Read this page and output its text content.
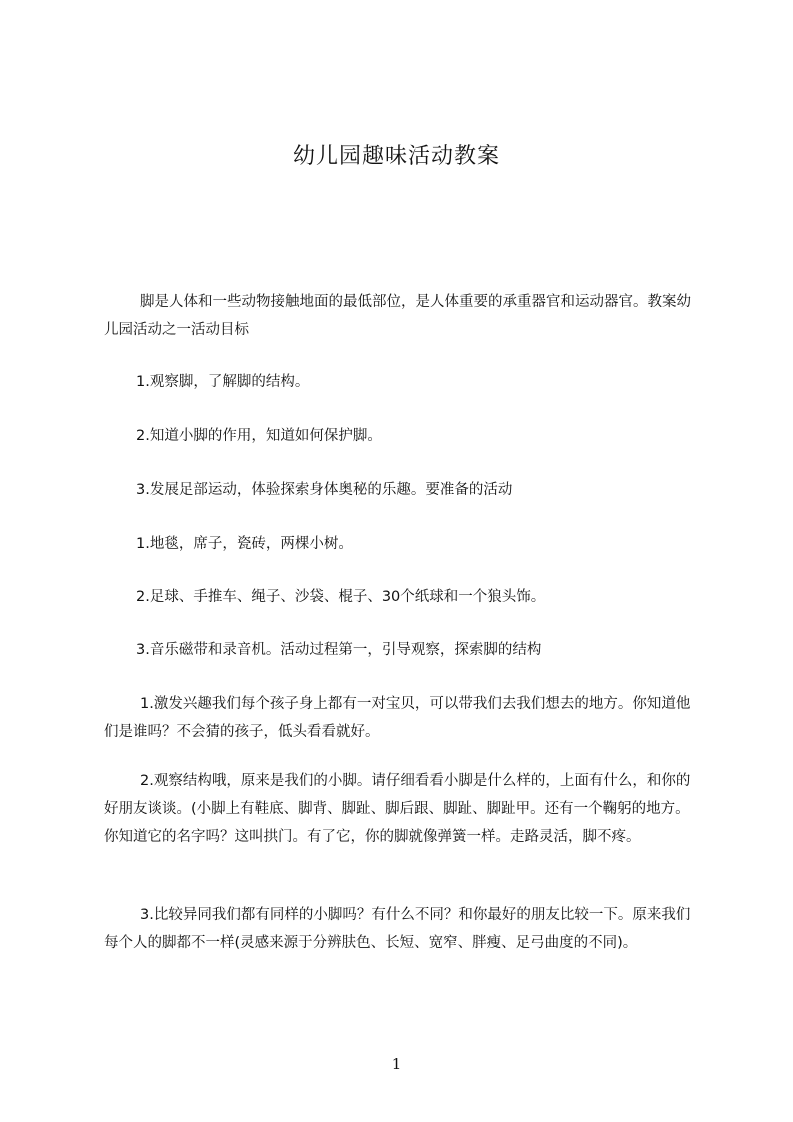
幼儿园趣味活动教案

脚是人体和一些动物接触地面的最低部位，是人体重要的承重器官和运动器官。教案幼儿园活动之一活动目标

1.观察脚，了解脚的结构。

2.知道小脚的作用，知道如何保护脚。

3.发展足部运动，体验探索身体奥秘的乐趣。要准备的活动

1.地毯，席子，瓷砖，两棵小树。

2.足球、手推车、绳子、沙袋、棍子、30个纸球和一个狼头饰。

3.音乐磁带和录音机。活动过程第一，引导观察，探索脚的结构

1.激发兴趣我们每个孩子身上都有一对宝贝，可以带我们去我们想去的地方。你知道他们是谁吗？不会猜的孩子，低头看看就好。

2.观察结构哦，原来是我们的小脚。请仔细看看小脚是什么样的，上面有什么，和你的好朋友谈谈。(小脚上有鞋底、脚背、脚趾、脚后跟、脚趾、脚趾甲。还有一个鞠躬的地方。你知道它的名字吗？这叫拱门。有了它，你的脚就像弹簧一样。走路灵活，脚不疼。

3.比较异同我们都有同样的小脚吗？有什么不同？和你最好的朋友比较一下。原来我们每个人的脚都不一样(灵感来源于分辨肤色、长短、宽窄、胖瘦、足弓曲度的不同)。

1
